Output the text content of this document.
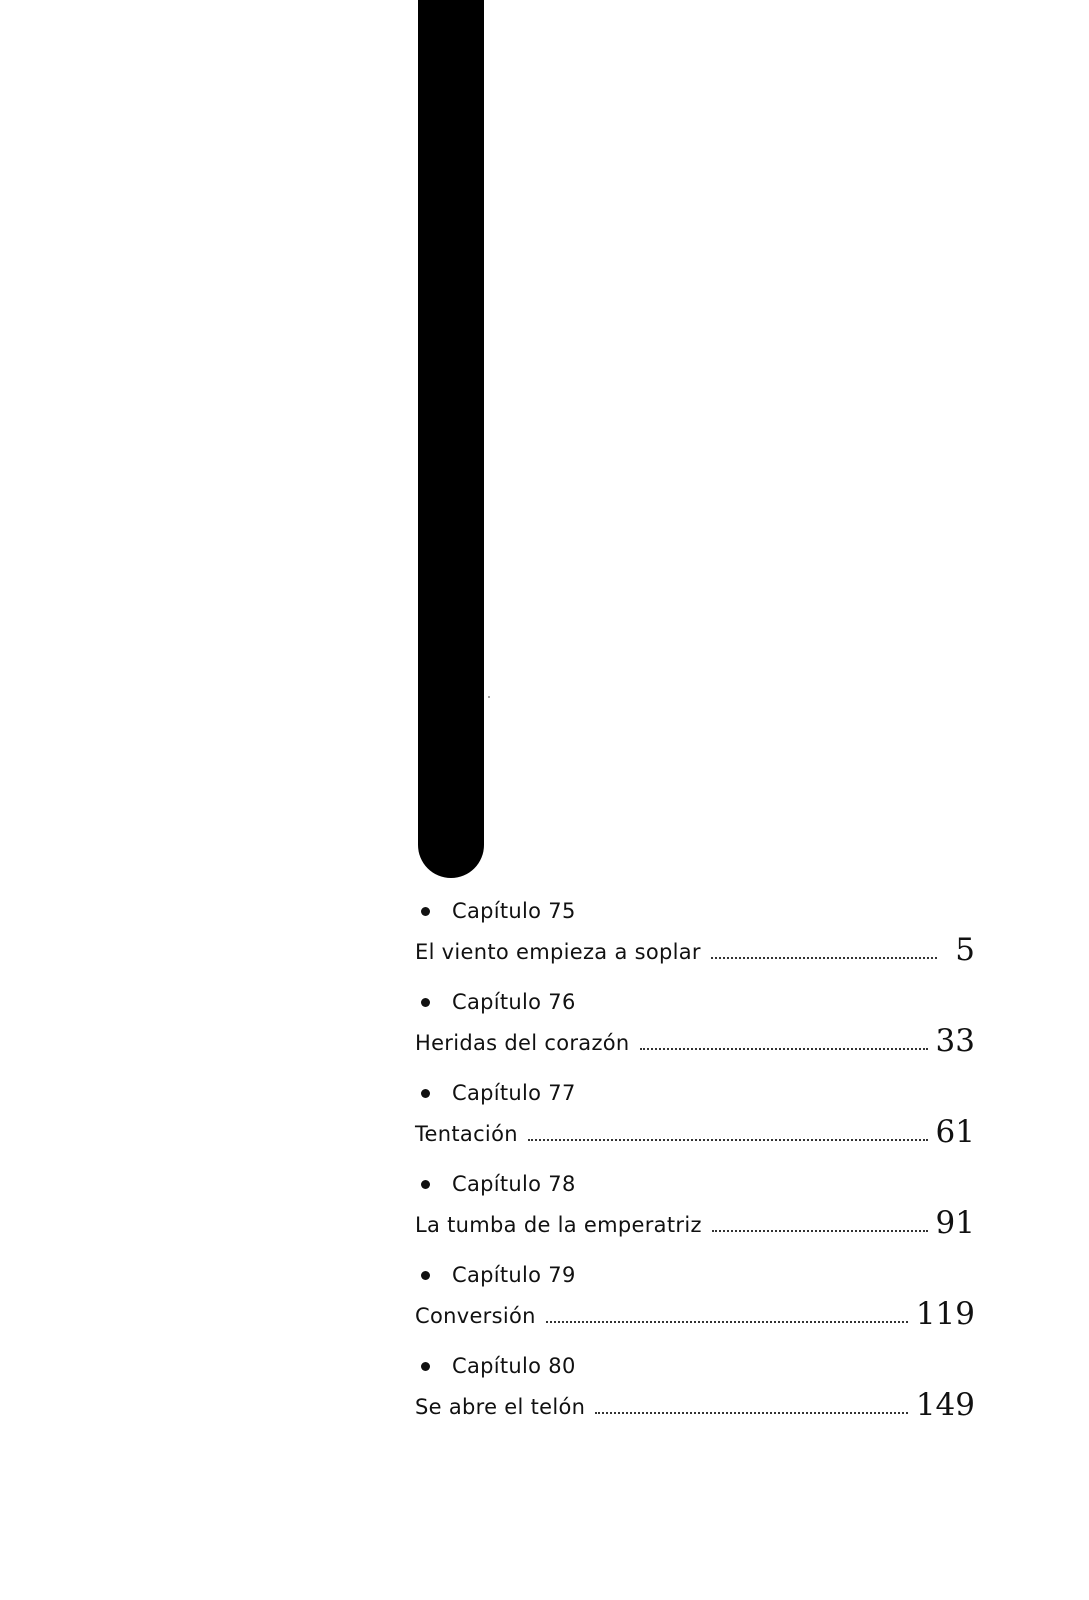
Capítulo 75
El viento empieza a soplar	5
Capítulo 76
Heridas del corazón	33
Capítulo 77
Tentación	61
Capítulo 78
La tumba de la emperatriz	91
Capítulo 79
Conversión	119
Capítulo 80
Se abre el telón	149
